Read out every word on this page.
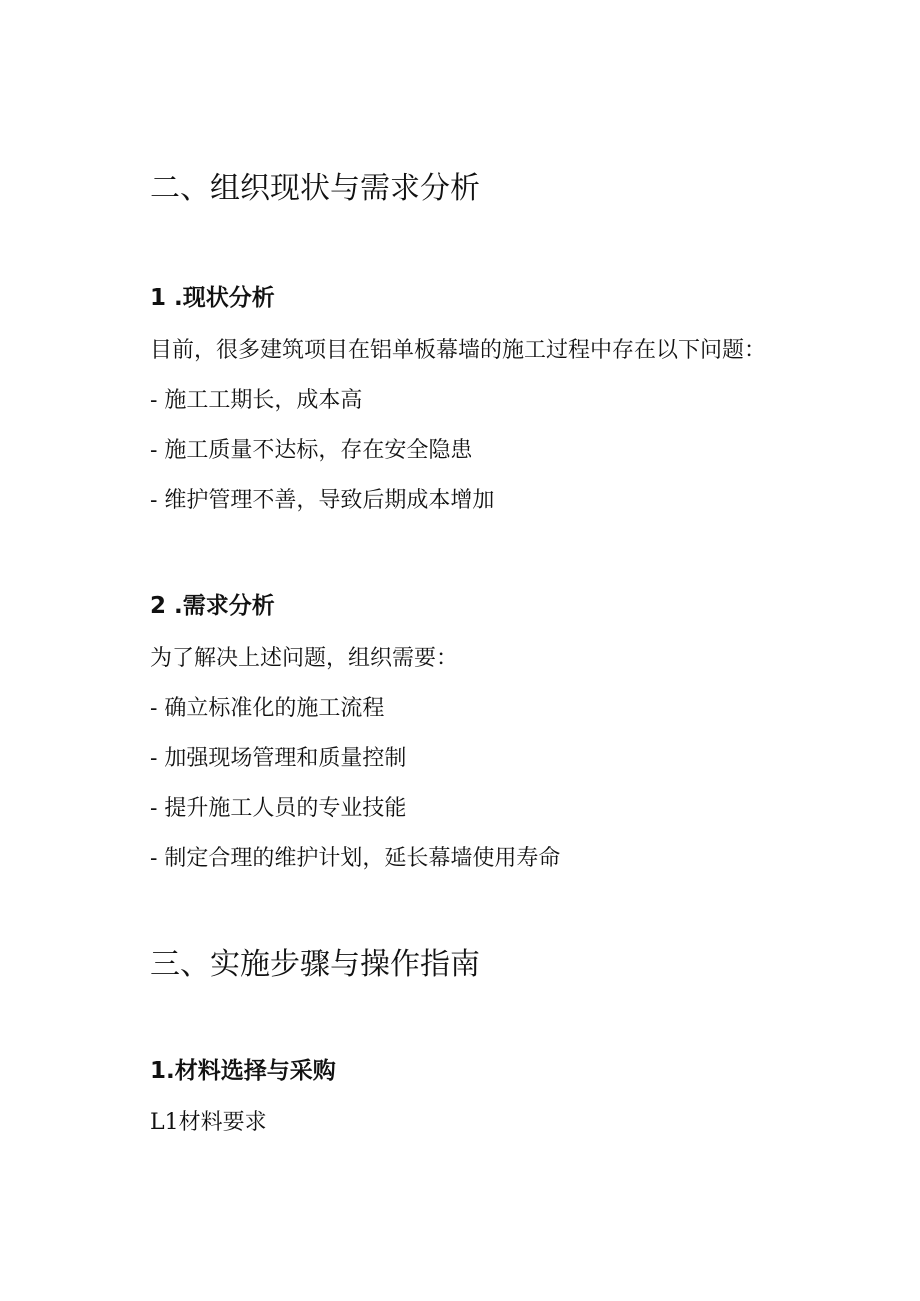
二、组织现状与需求分析
1 .现状分析
目前，很多建筑项目在铝单板幕墙的施工过程中存在以下问题：
- 施工工期长，成本高
- 施工质量不达标，存在安全隐患
- 维护管理不善，导致后期成本增加
2 .需求分析
为了解决上述问题，组织需要：
- 确立标准化的施工流程
- 加强现场管理和质量控制
- 提升施工人员的专业技能
- 制定合理的维护计划，延长幕墙使用寿命
三、实施步骤与操作指南
1.材料选择与采购
L1材料要求
